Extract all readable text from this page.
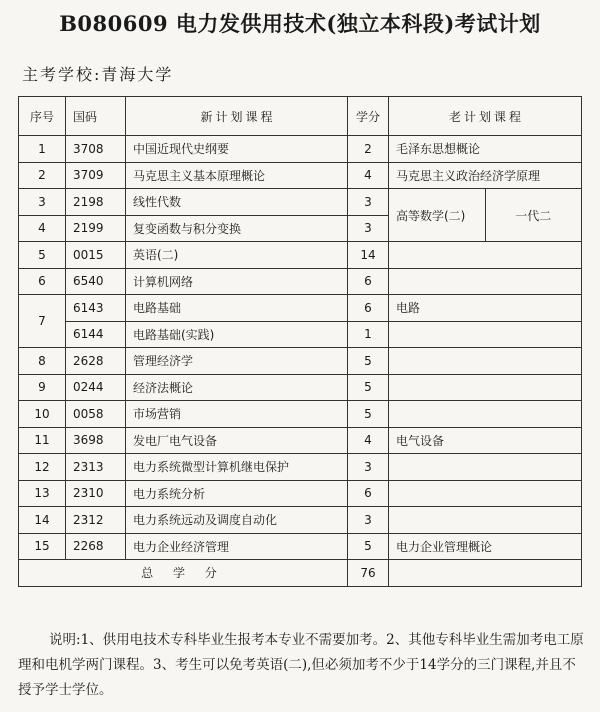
B080609 电力发供用技术(独立本科段)考试计划
主考学校:青海大学
序号	国码	新计划课程	学分	老计划课程	
1	3708	中国近现代史纲要	2	毛泽东思想概论	
2	3709	马克思主义基本原理概论	4	马克思主义政治经济学原理	
3	2198	线性代数	3	高等数学(二)	一代二
4	2199	复变函数与积分变换	3		
5	0015	英语(二)	14		
6	6540	计算机网络	6		
7	6143	电路基础	6	电路	
	6144	电路基础(实践)	1		
8	2628	管理经济学	5		
9	0244	经济法概论	5		
10	0058	市场营销	5		
11	3698	发电厂电气设备	4	电气设备	
12	2313	电力系统微型计算机继电保护	3		
13	2310	电力系统分析	6		
14	2312	电力系统远动及调度自动化	3		
15	2268	电力企业经济管理	5	电力企业管理概论	
总 学 分			76		
说明:1、供用电技术专科毕业生报考本专业不需要加考。2、其他专科毕业生需加考电工原理和电机学两门课程。3、考生可以免考英语(二),但必须加考不少于14学分的三门课程,并且不授予学士学位。
